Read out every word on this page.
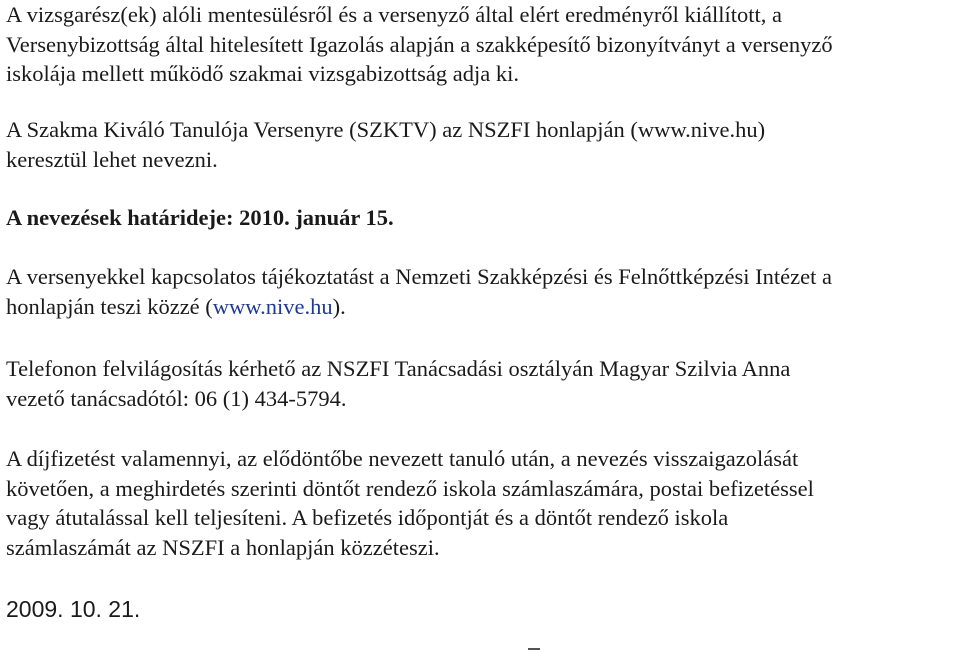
A vizsgarész(ek) alóli mentesülésről és a versenyző által elért eredményről kiállított, a
Versenybizottság által hitelesített Igazolás alapján a szakképesítő bizonyítványt a versenyző
iskolája mellett működő szakmai vizsgabizottság adja ki.

A Szakma Kiváló Tanulója Versenyre (SZKTV) az NSZFI honlapján (www.nive.hu)
keresztül lehet nevezni.

A nevezések határideje: 2010. január 15.

A versenyekkel kapcsolatos tájékoztatást a Nemzeti Szakképzési és Felnőttképzési Intézet a
honlapján teszi közzé (www.nive.hu).

Telefonon felvilágosítás kérhető az NSZFI Tanácsadási osztályán Magyar Szilvia Anna
vezető tanácsadótól: 06 (1) 434-5794.

A díjfizetést valamennyi, az elődöntőbe nevezett tanuló után, a nevezés visszaigazolását
követően, a meghirdetés szerinti döntőt rendező iskola számlaszámára, postai befizetéssel
vagy átutalással kell teljesíteni. A befizetés időpontját és a döntőt rendező iskola
számlaszámát az NSZFI a honlapján közzéteszi.

2009. 10. 21.
